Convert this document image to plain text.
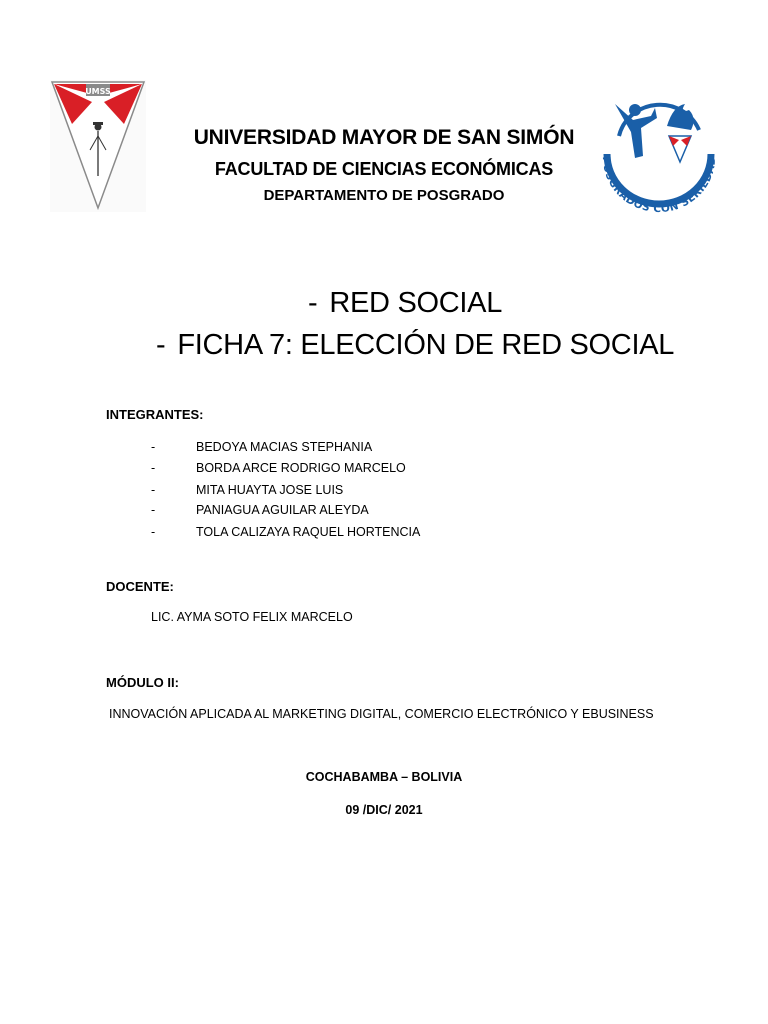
UMSS
POSGRADOS CON SERIEDAD
UNIVERSIDAD MAYOR DE SAN SIMÓN
FACULTAD DE CIENCIAS ECONÓMICAS
DEPARTAMENTO DE POSGRADO
- RED SOCIAL
- FICHA 7: ELECCIÓN DE RED SOCIAL
INTEGRANTES:
-	BEDOYA MACIAS STEPHANIA
-	BORDA ARCE RODRIGO MARCELO
-	MITA HUAYTA JOSE LUIS
-	PANIAGUA AGUILAR ALEYDA
-	TOLA CALIZAYA RAQUEL HORTENCIA
DOCENTE:
LIC. AYMA SOTO FELIX MARCELO
MÓDULO II:
INNOVACIÓN APLICADA AL MARKETING DIGITAL, COMERCIO ELECTRÓNICO Y EBUSINESS
COCHABAMBA – BOLIVIA
09 /DIC/ 2021
